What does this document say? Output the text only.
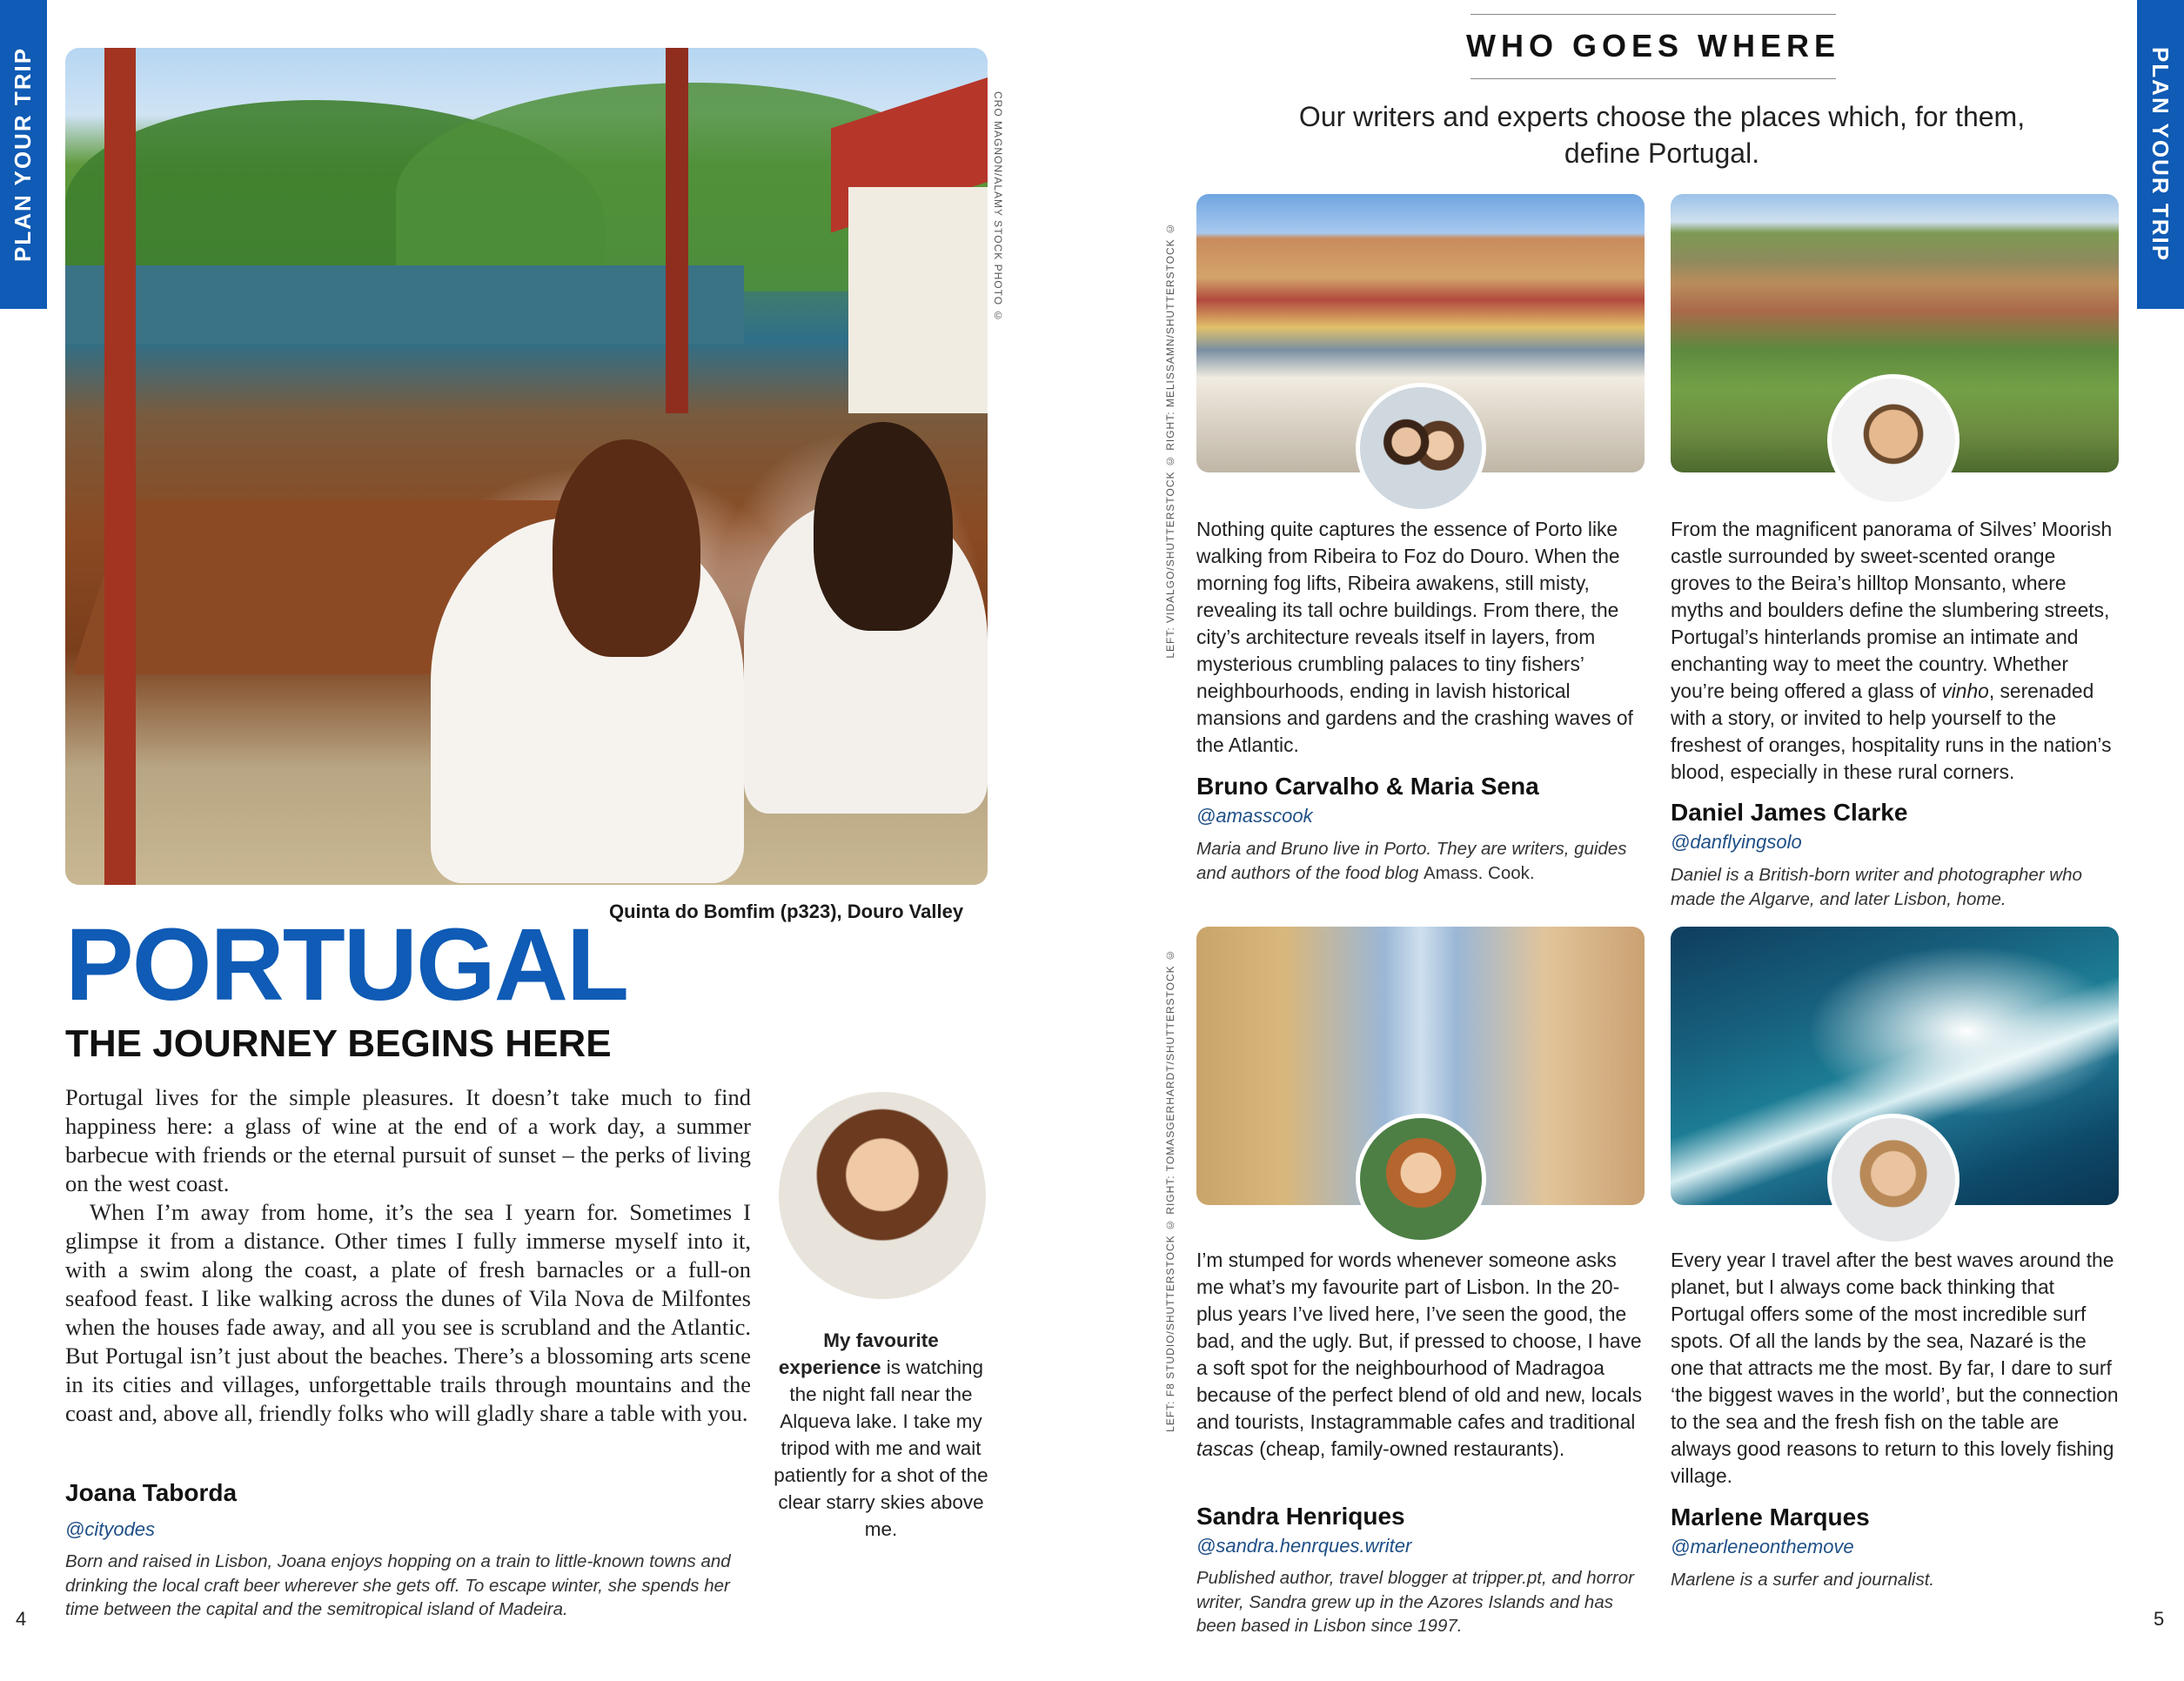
PLAN YOUR TRIP	CRO MAGNON/ALAMY STOCK PHOTO ©
Quinta do Bomfim (p323), Douro Valley
PORTUGAL
THE JOURNEY BEGINS HERE

Portugal lives for the simple pleasures. It doesn’t take much to find happiness here: a glass of wine at the end of a work day, a summer barbecue with friends or the eternal pursuit of sunset – the perks of living on the west coast.

When I’m away from home, it’s the sea I yearn for. Sometimes I glimpse it from a distance. Other times I fully immerse myself into it, with a swim along the coast, a plate of fresh barnacles or a full-on seafood feast. I like walking across the dunes of Vila Nova de Milfontes when the houses fade away, and all you see is scrubland and the Atlantic. But Portugal isn’t just about the beaches. There’s a blossoming arts scene in its cities and villages, unforgettable trails through mountains and the coast and, above all, friendly folks who will gladly share a table with you.

Joana Taborda
@cityodes
Born and raised in Lisbon, Joana enjoys hopping on a train to little-known towns and drinking the local craft beer wherever she gets off. To escape winter, she spends her time between the capital and the semitropical island of Madeira.
My favourite experience is watching the night fall near the Alqueva lake. I take my tripod with me and wait patiently for a shot of the clear starry skies above me.
4
WHO GOES WHERE
Our writers and experts choose the places which, for them,
define Portugal.	PLAN YOUR TRIP
LEFT: VIDALGO/SHUTTERSTOCK © RIGHT: MELISSAMN/SHUTTERSTOCK ©
LEFT: F8 STUDIO/SHUTTERSTOCK © RIGHT: TOMASGERHARDT/SHUTTERSTOCK ©
Nothing quite captures the essence of Porto like walking from Ribeira to Foz do Douro. When the morning fog lifts, Ribeira awakens, still misty, revealing its tall ochre buildings. From there, the city’s architecture reveals itself in layers, from mysterious crumbling palaces to tiny fishers’ neighbourhoods, ending in lavish historical mansions and gardens and the crashing waves of the Atlantic.
Bruno Carvalho & Maria Sena
@amasscook
Maria and Bruno live in Porto. They are writers, guides and authors of the food blog Amass. Cook.
From the magnificent panorama of Silves’ Moorish castle surrounded by sweet-scented orange groves to the Beira’s hilltop Monsanto, where myths and boulders define the slumbering streets, Portugal’s hinterlands promise an intimate and enchanting way to meet the country. Whether you’re being offered a glass of vinho, serenaded with a story, or invited to help yourself to the freshest of oranges, hospitality runs in the nation’s blood, especially in these rural corners.
Daniel James Clarke
@danflyingsolo
Daniel is a British-born writer and photographer who made the Algarve, and later Lisbon, home.
I’m stumped for words whenever someone asks me what’s my favourite part of Lisbon. In the 20-plus years I’ve lived here, I’ve seen the good, the bad, and the ugly. But, if pressed to choose, I have a soft spot for the neighbourhood of Madragoa because of the perfect blend of old and new, locals and tourists, Instagrammable cafes and traditional tascas (cheap, family-owned restaurants).
Sandra Henriques
@sandra.henrques.writer
Published author, travel blogger at tripper.pt, and horror writer, Sandra grew up in the Azores Islands and has been based in Lisbon since 1997.
Every year I travel after the best waves around the planet, but I always come back thinking that Portugal offers some of the most incredible surf spots. Of all the lands by the sea, Nazaré is the one that attracts me the most. By far, I dare to surf ‘the biggest waves in the world’, but the connection to the sea and the fresh fish on the table are always good reasons to return to this lovely fishing village.
Marlene Marques
@marleneonthemove
Marlene is a surfer and journalist.
5
